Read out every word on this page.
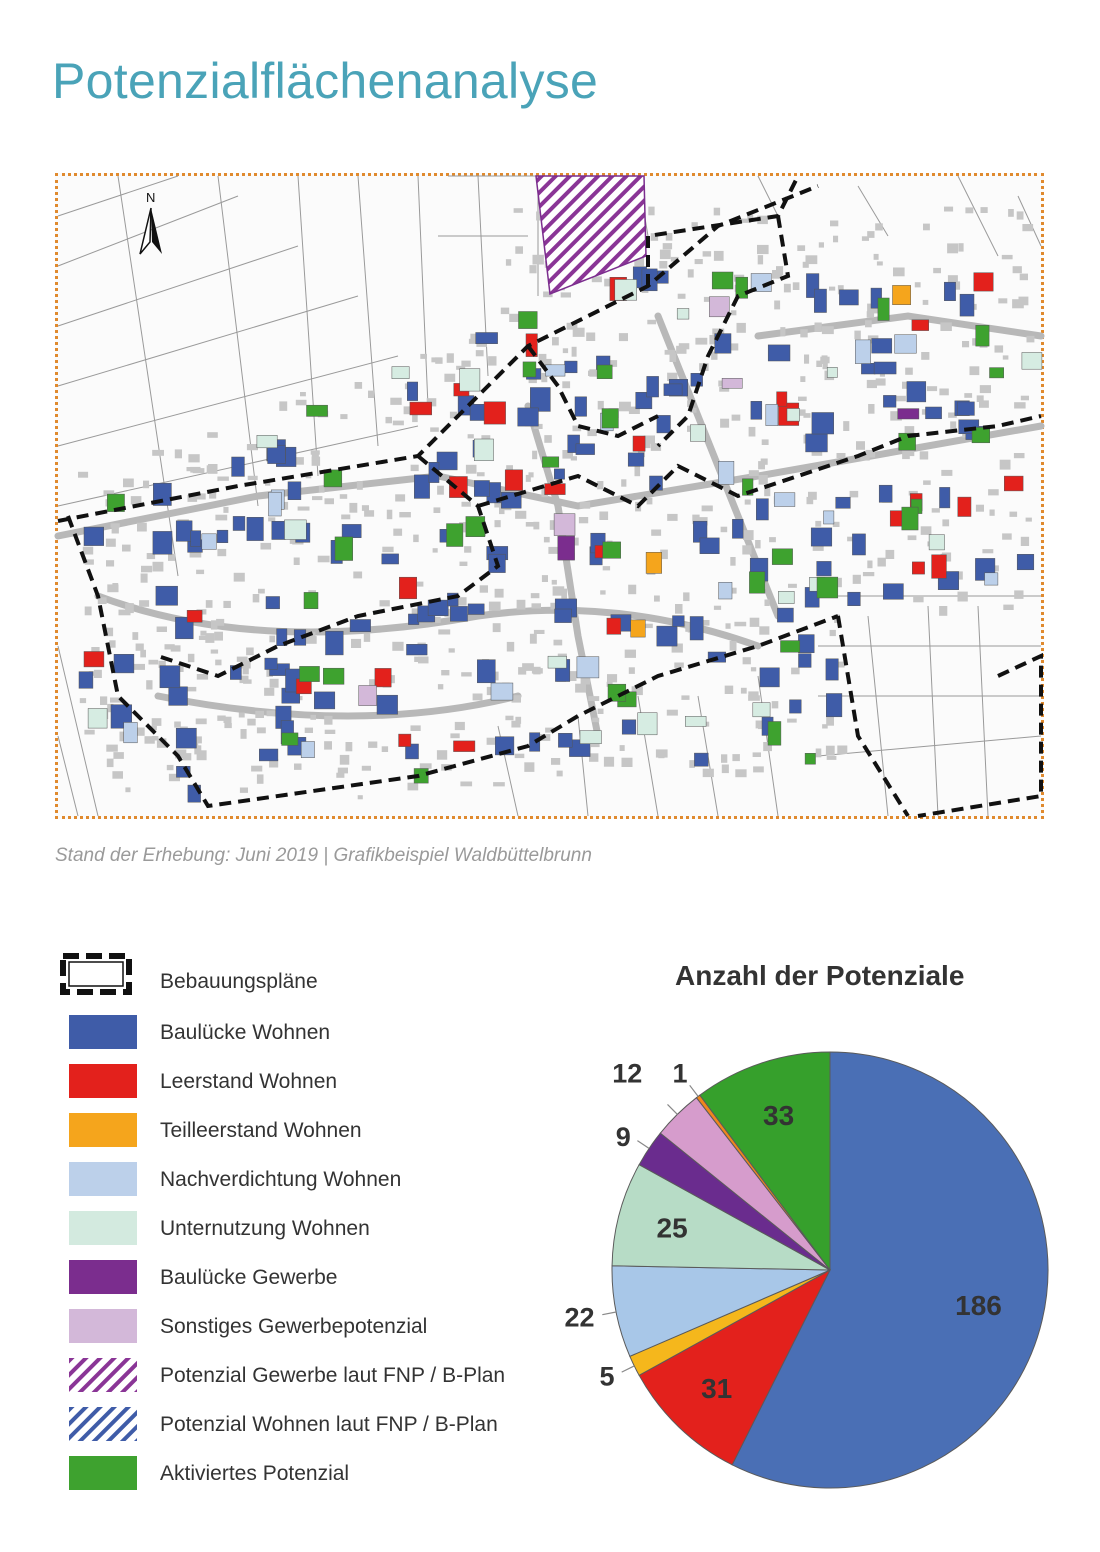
Potenzialflächenanalyse
N
Stand der Erhebung: Juni 2019 | Grafikbeispiel Waldbüttelbrunn
Bebauungspläne
Baulücke Wohnen
Leerstand Wohnen
Teilleerstand Wohnen
Nachverdichtung Wohnen
Unternutzung Wohnen
Baulücke Gewerbe
Sonstiges Gewerbepotenzial
Potenzial Gewerbe laut FNP / B-Plan
Potenzial Wohnen laut FNP / B-Plan
Aktiviertes Potenzial
Anzahl der Potenziale
186
31
5
22
25
9
12 1
33
